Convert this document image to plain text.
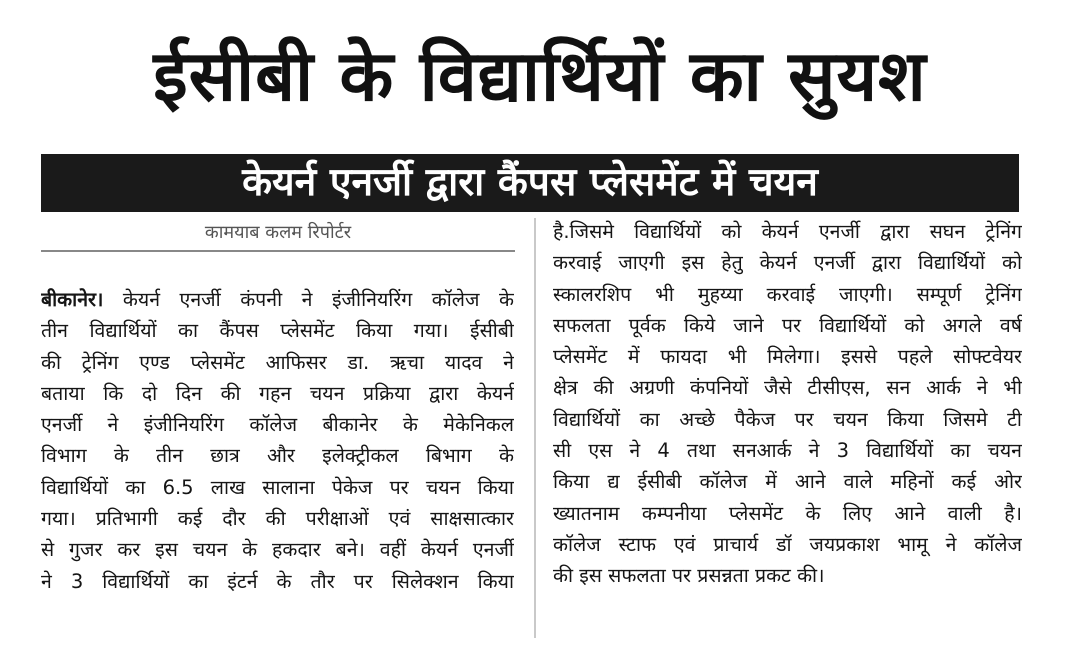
ईसीबी के विद्यार्थियों का सुयश
केयर्न एनर्जी द्वारा कैंपस प्लेसमेंट में चयन
कामयाब कलम रिपोर्टर
बीकानेर। केयर्न एनर्जी कंपनी ने इंजीनियरिंग कॉलेज के
तीन विद्यार्थियों का कैंपस प्लेसमेंट किया गया। ईसीबी
की ट्रेनिंग एण्ड प्लेसमेंट आफिसर डा. ऋचा यादव ने
बताया कि दो दिन की गहन चयन प्रक्रिया द्वारा केयर्न
एनर्जी ने इंजीनियरिंग कॉलेज बीकानेर के मेकेनिकल
विभाग के तीन छात्र और इलेक्ट्रीकल बिभाग के
विद्यार्थियों का 6.5 लाख सालाना पेकेज पर चयन किया
गया। प्रतिभागी कई दौर की परीक्षाओं एवं साक्षसात्कार
से गुजर कर इस चयन के हकदार बने। वहीं केयर्न एनर्जी
ने 3 विद्यार्थियों का इंटर्न के तौर पर सिलेक्शन किया
है.जिसमे विद्यार्थियों को केयर्न एनर्जी द्वारा सघन ट्रेनिंग
करवाई जाएगी इस हेतु केयर्न एनर्जी द्वारा विद्यार्थियों को
स्कालरशिप भी मुहय्या करवाई जाएगी। सम्पूर्ण ट्रेनिंग
सफलता पूर्वक किये जाने पर विद्यार्थियों को अगले वर्ष
प्लेसमेंट में फायदा भी मिलेगा। इससे पहले सोफ्टवेयर
क्षेत्र की अग्रणी कंपनियों जैसे टीसीएस, सन आर्क ने भी
विद्यार्थियों का अच्छे पैकेज पर चयन किया जिसमे टी
सी एस ने 4 तथा सनआर्क ने 3 विद्यार्थियों का चयन
किया द्य ईसीबी कॉलेज में आने वाले महिनों कई ओर
ख्यातनाम कम्पनीया प्लेसमेंट के लिए आने वाली है।
कॉलेज स्टाफ एवं प्राचार्य डॉ जयप्रकाश भामू ने कॉलेज
की इस सफलता पर प्रसन्नता प्रकट की।
